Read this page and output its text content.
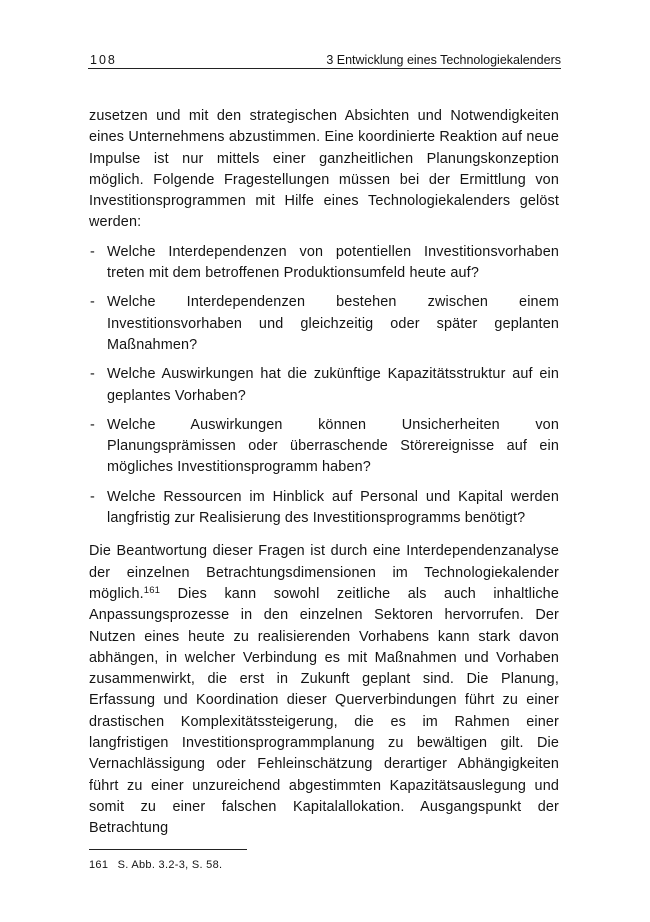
108	3 Entwicklung eines Technologiekalenders

zusetzen und mit den strategischen Absichten und Notwendigkeiten eines Unternehmens abzustimmen. Eine koordinierte Reaktion auf neue Impulse ist nur mittels einer ganzheitlichen Planungskonzeption möglich. Folgende Fragestellungen müssen bei der Ermittlung von Investitionsprogrammen mit Hilfe eines Technologiekalenders gelöst werden:

- Welche Interdependenzen von potentiellen Investitionsvorhaben treten mit dem betroffenen Produktionsumfeld heute auf?
- Welche Interdependenzen bestehen zwischen einem Investitionsvorhaben und gleichzeitig oder später geplanten Maßnahmen?
- Welche Auswirkungen hat die zukünftige Kapazitätsstruktur auf ein geplantes Vorhaben?
- Welche Auswirkungen können Unsicherheiten von Planungsprämissen oder überraschende Störereignisse auf ein mögliches Investitionsprogramm haben?
- Welche Ressourcen im Hinblick auf Personal und Kapital werden langfristig zur Realisierung des Investitionsprogramms benötigt?

Die Beantwortung dieser Fragen ist durch eine Interdependenzanalyse der einzelnen Betrachtungsdimensionen im Technologiekalender möglich.$^{161}$ Dies kann sowohl zeitliche als auch inhaltliche Anpassungsprozesse in den einzelnen Sektoren hervorrufen. Der Nutzen eines heute zu realisierenden Vorhabens kann stark davon abhängen, in welcher Verbindung es mit Maßnahmen und Vorhaben zusammenwirkt, die erst in Zukunft geplant sind. Die Planung, Erfassung und Koordination dieser Querverbindungen führt zu einer drastischen Komplexitätssteigerung, die es im Rahmen einer langfristigen Investitionsprogrammplanung zu bewältigen gilt. Die Vernachlässigung oder Fehleinschätzung derartiger Abhängigkeiten führt zu einer unzureichend abgestimmten Kapazitätsauslegung und somit zu einer falschen Kapitalallokation. Ausgangspunkt der Betrachtung

161 S. Abb. 3.2-3, S. 58.
